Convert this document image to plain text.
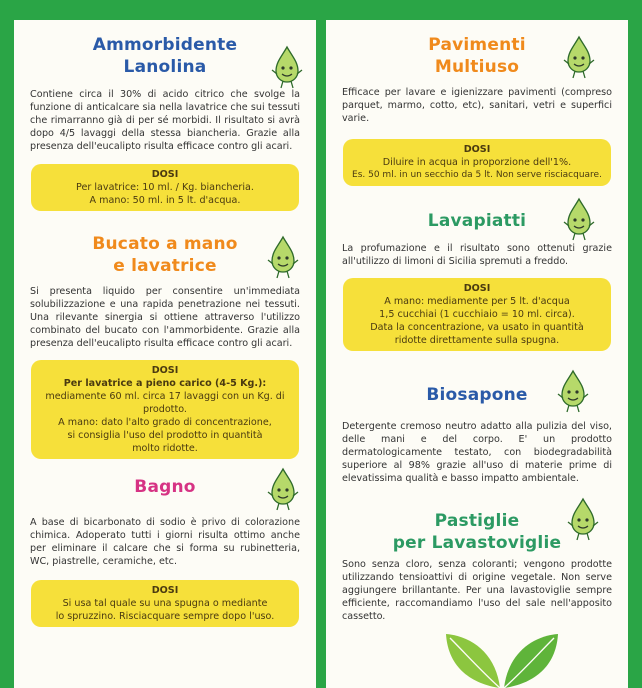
Ammorbidente
Lanolina
Contiene circa il 30% di acido citrico che svolge la funzione di anticalcare sia nella lavatrice che sui tessuti che rimarranno già di per sé morbidi. Il risultato si avrà dopo 4/5 lavaggi della stessa biancheria. Grazie alla presenza dell'eucalipto risulta efficace contro gli acari.
DOSI
Per lavatrice: 10 ml. / Kg. biancheria.
A mano: 50 ml. in 5 lt. d'acqua.
Bucato a mano
e lavatrice
Si presenta liquido per consentire un'immediata solubilizzazione e una rapida penetrazione nei tessuti. Una rilevante sinergia si ottiene attraverso l'utilizzo combinato del bucato con l'ammorbidente. Grazie alla presenza dell'eucalipto risulta efficace contro gli acari.
DOSI
Per lavatrice a pieno carico (4-5 Kg.):
mediamente 60 ml. circa 17 lavaggi con un Kg. di prodotto.
A mano: dato l'alto grado di concentrazione,
si consiglia l'uso del prodotto in quantità
molto ridotte.
Bagno
A base di bicarbonato di sodio è privo di colorazione chimica. Adoperato tutti i giorni risulta ottimo anche per eliminare il calcare che si forma su rubinetteria, WC, piastrelle, ceramiche, etc.
DOSI
Si usa tal quale su una spugna o mediante
lo spruzzino. Risciacquare sempre dopo l'uso.
Pavimenti
Multiuso
Efficace per lavare e igienizzare pavimenti (compreso parquet, marmo, cotto, etc), sanitari, vetri e superfici varie.
DOSI
Diluire in acqua in proporzione dell'1%.
Es. 50 ml. in un secchio da 5 lt. Non serve risciacquare.
Lavapiatti
La profumazione e il risultato sono ottenuti grazie all'utilizzo di limoni di Sicilia spremuti a freddo.
DOSI
A mano: mediamente per 5 lt. d'acqua
1,5 cucchiai (1 cucchiaio = 10 ml. circa).
Data la concentrazione, va usato in quantità
ridotte direttamente sulla spugna.
Biosapone
Detergente cremoso neutro adatto alla pulizia del viso, delle mani e del corpo. E' un prodotto dermatologicamente testato, con biodegradabilità superiore al 98% grazie all'uso di materie prime di elevatissima qualità e basso impatto ambientale.
Pastiglie
per Lavastoviglie
Sono senza cloro, senza coloranti; vengono prodotte utilizzando tensioattivi di origine vegetale. Non serve aggiungere brillantante. Per una lavastoviglie sempre efficiente, raccomandiamo l'uso del sale nell'apposito cassetto.
